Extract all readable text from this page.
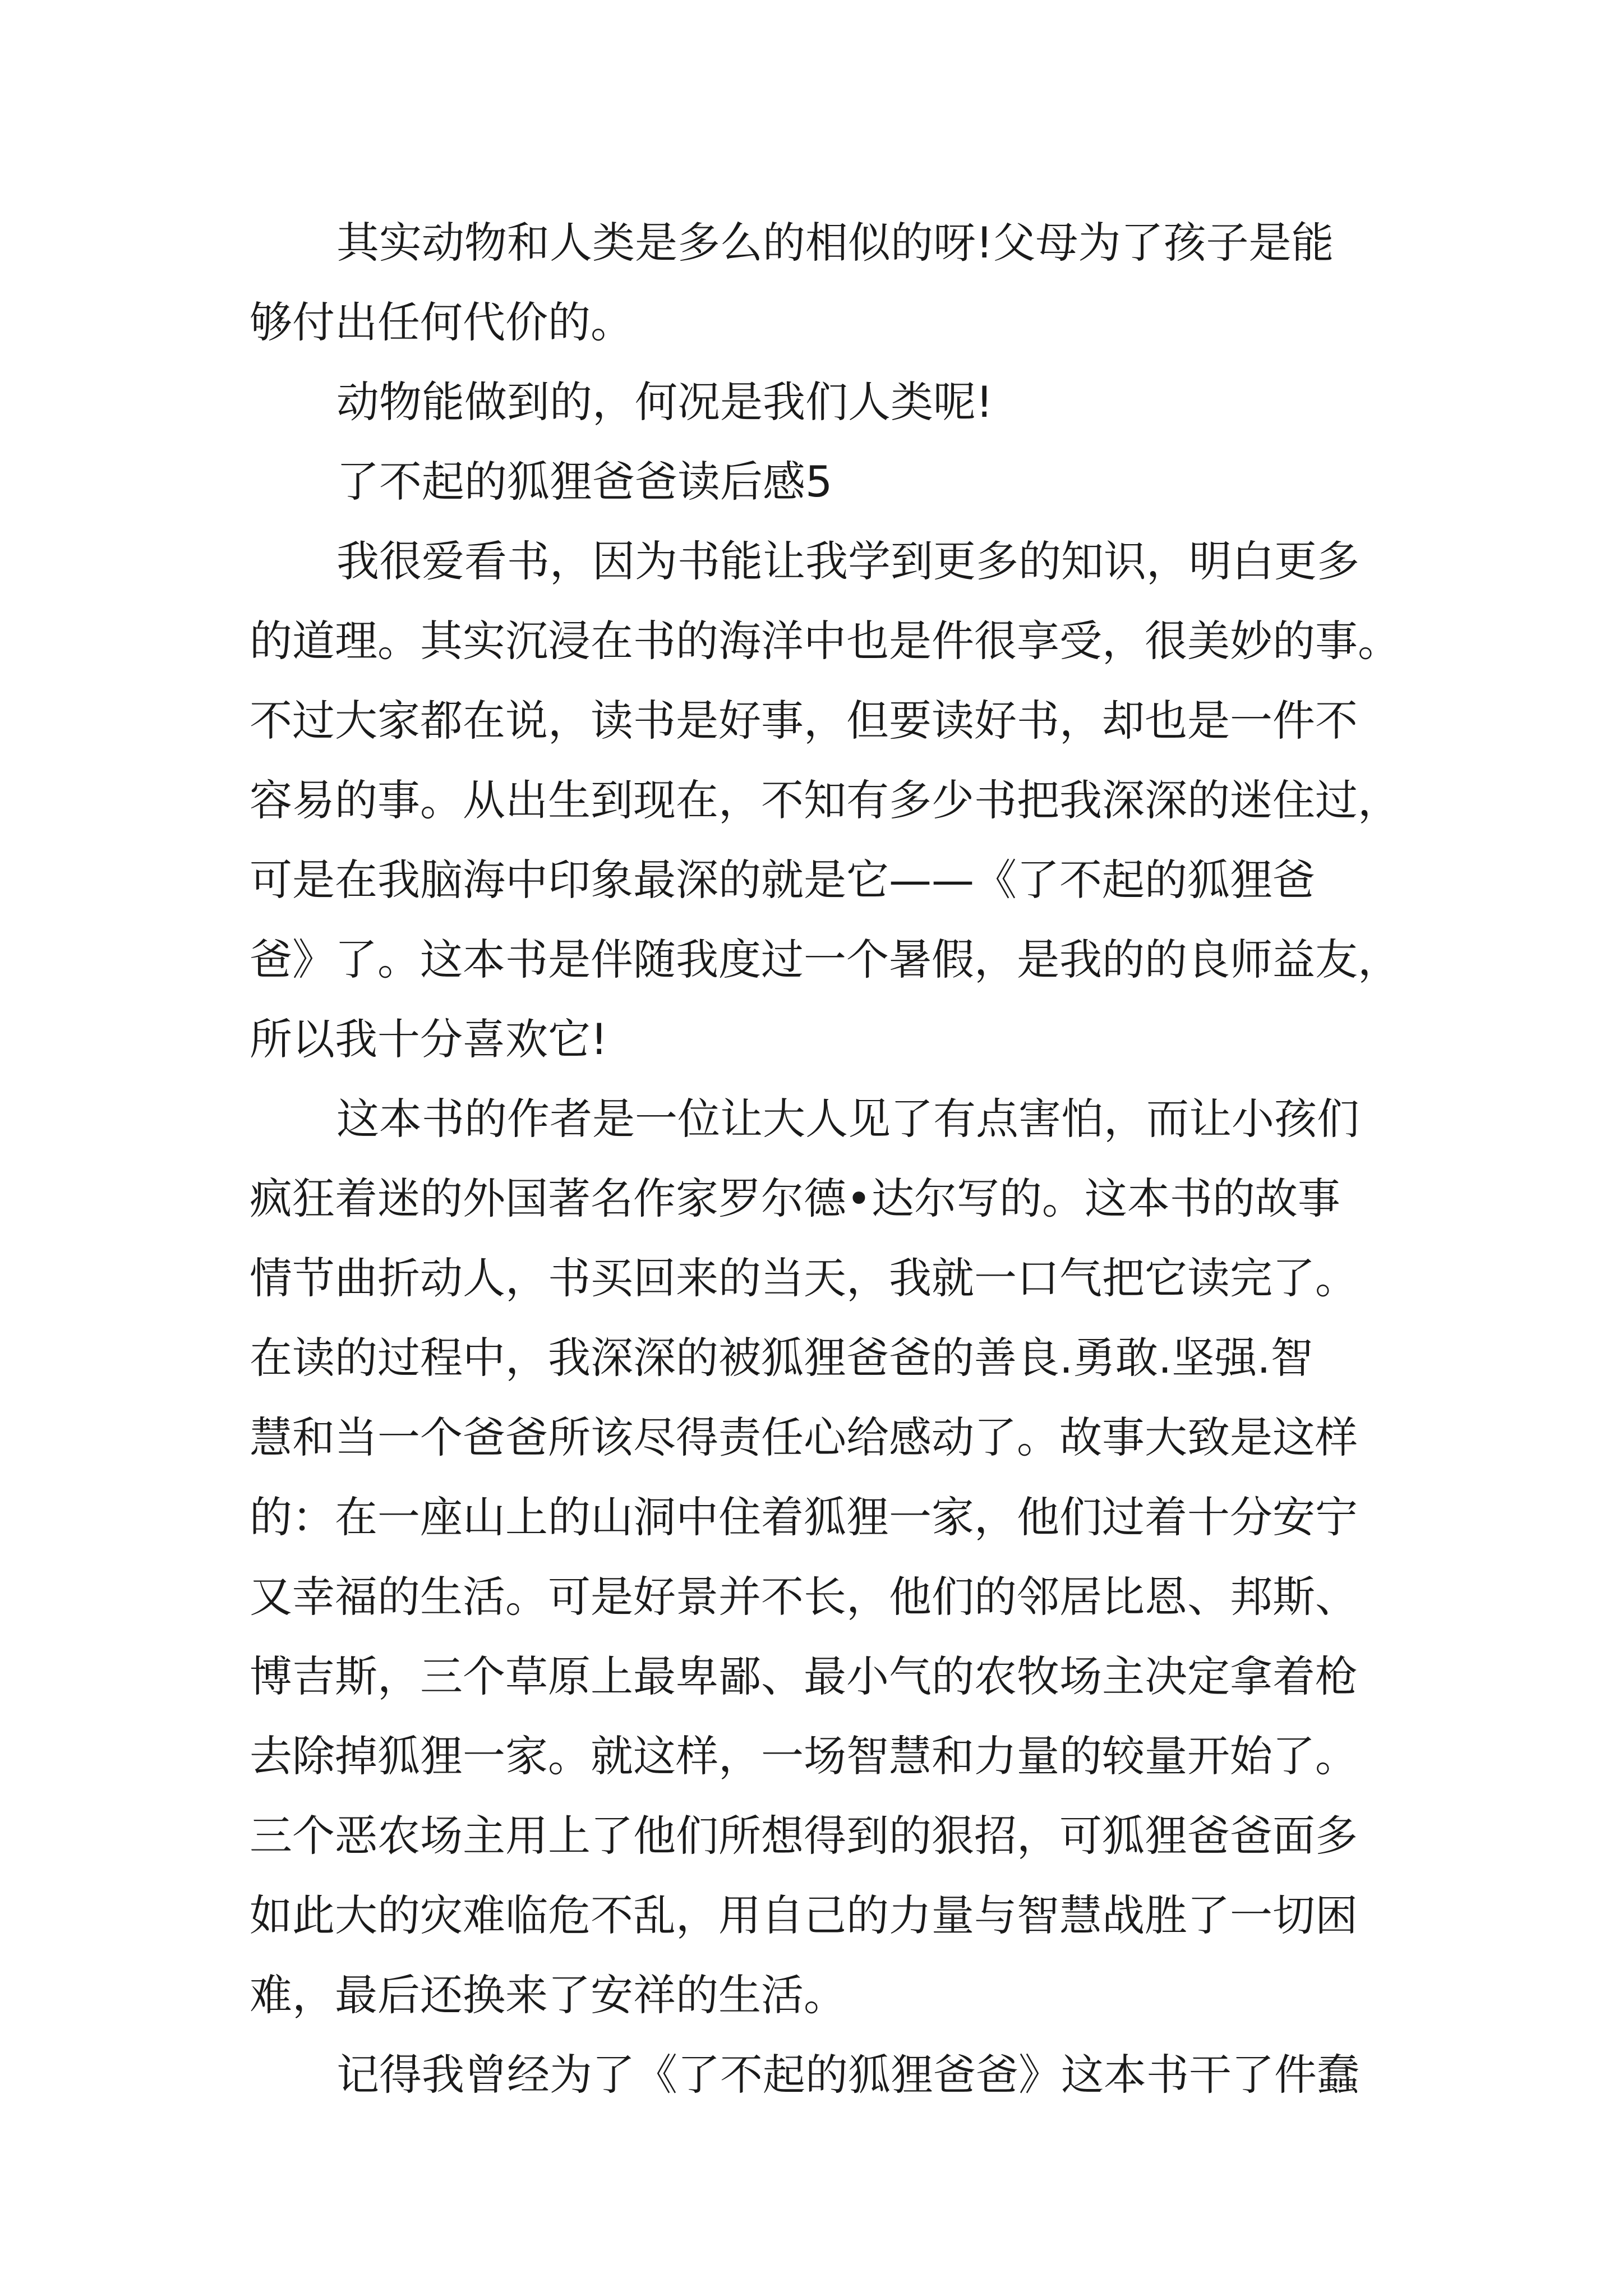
其实动物和人类是多么的相似的呀!父母为了孩子是能
够付出任何代价的。
动物能做到的，何况是我们人类呢!
了不起的狐狸爸爸读后感5
我很爱看书，因为书能让我学到更多的知识，明白更多
的道理。其实沉浸在书的海洋中也是件很享受，很美妙的事。
不过大家都在说，读书是好事，但要读好书，却也是一件不
容易的事。从出生到现在，不知有多少书把我深深的迷住过，
可是在我脑海中印象最深的就是它——《了不起的狐狸爸
爸》了。这本书是伴随我度过一个暑假，是我的的良师益友，
所以我十分喜欢它!
这本书的作者是一位让大人见了有点害怕，而让小孩们
疯狂着迷的外国著名作家罗尔德•达尔写的。这本书的故事
情节曲折动人，书买回来的当天，我就一口气把它读完了。
在读的过程中，我深深的被狐狸爸爸的善良.勇敢.坚强.智
慧和当一个爸爸所该尽得责任心给感动了。故事大致是这样
的：在一座山上的山洞中住着狐狸一家，他们过着十分安宁
又幸福的生活。可是好景并不长，他们的邻居比恩、邦斯、
博吉斯，三个草原上最卑鄙、最小气的农牧场主决定拿着枪
去除掉狐狸一家。就这样，一场智慧和力量的较量开始了。
三个恶农场主用上了他们所想得到的狠招，可狐狸爸爸面多
如此大的灾难临危不乱，用自己的力量与智慧战胜了一切困
难，最后还换来了安祥的生活。
记得我曾经为了《了不起的狐狸爸爸》这本书干了件蠢
